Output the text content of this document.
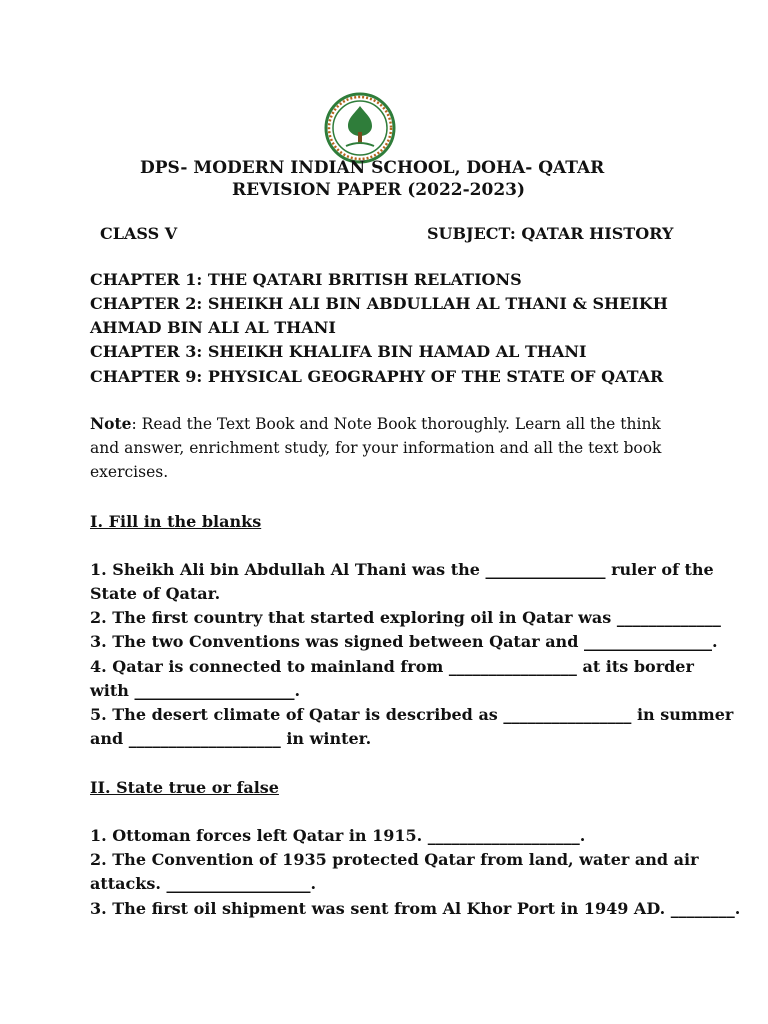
DPS- MODERN INDIAN SCHOOL, DOHA- QATAR
REVISION PAPER (2022-2023)
CLASS V	SUBJECT: QATAR HISTORY
CHAPTER 1: THE QATARI BRITISH RELATIONS
CHAPTER 2: SHEIKH ALI BIN ABDULLAH AL THANI & SHEIKH
AHMAD BIN ALI AL THANI
CHAPTER 3: SHEIKH KHALIFA BIN HAMAD AL THANI
CHAPTER 9: PHYSICAL GEOGRAPHY OF THE STATE OF QATAR
Note: Read the Text Book and Note Book thoroughly. Learn all the think and answer, enrichment study, for your information and all the text book exercises.
I. Fill in the blanks
1. Sheikh Ali bin Abdullah Al Thani was the _______________ ruler of the
State of Qatar.
2. The first country that started exploring oil in Qatar was _____________
3. The two Conventions was signed between Qatar and ________________.
4. Qatar is connected to mainland from ________________ at its border
with ____________________.
5. The desert climate of Qatar is described as ________________ in summer
and ___________________ in winter.
II. State true or false
1. Ottoman forces left Qatar in 1915. ___________________.
2. The Convention of 1935 protected Qatar from land, water and air
attacks. __________________.
3. The first oil shipment was sent from Al Khor Port in 1949 AD. ________.
